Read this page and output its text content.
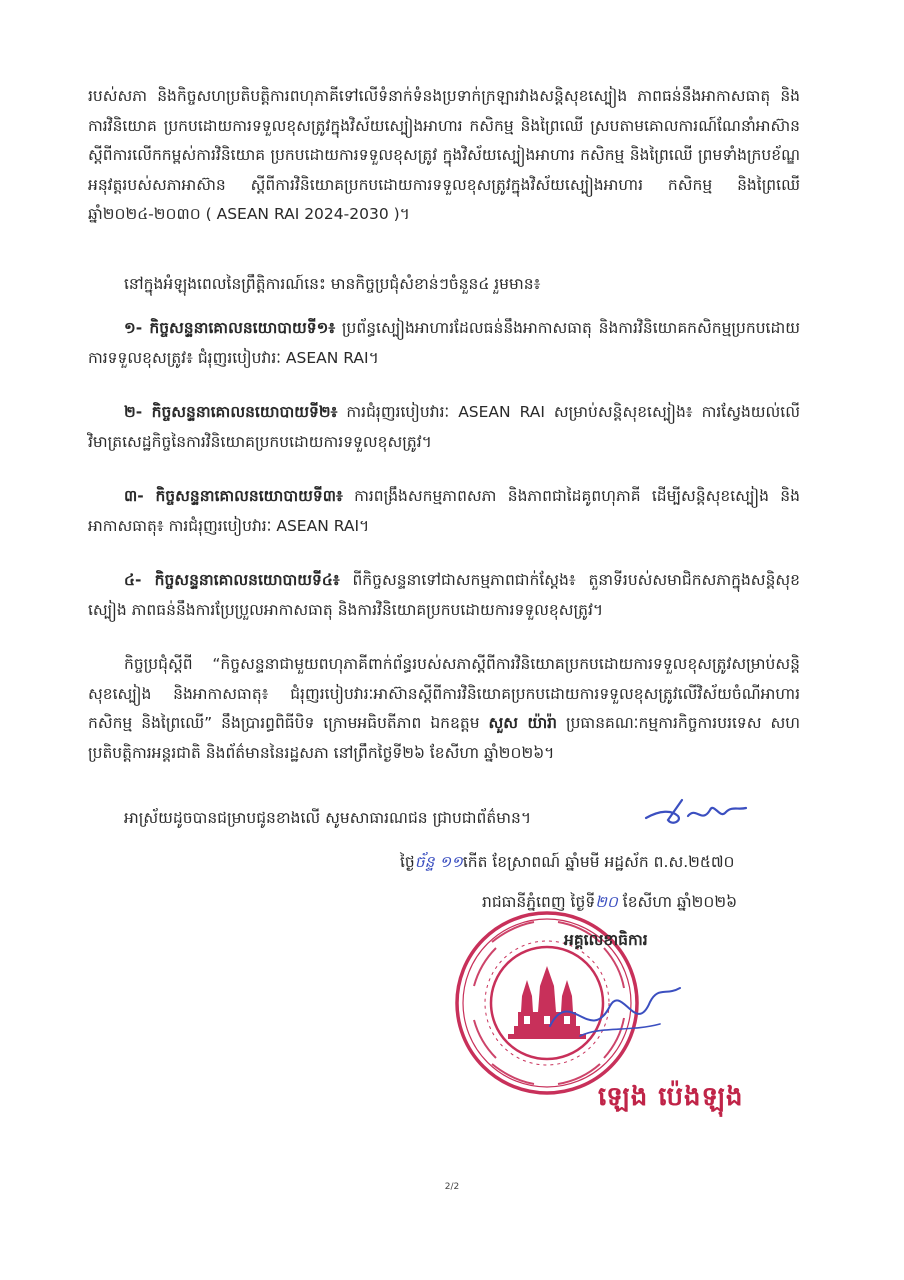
របស់សភា និងកិច្ចសហប្រតិបត្តិការពហុភាគីទៅលើទំនាក់ទំនងប្រទាក់ក្រឡារវាងសន្តិសុខស្បៀង ភាពធន់នឹងអាកាសធាតុ និងការវិនិយោគ ប្រកបដោយការទទួលខុសត្រូវក្នុងវិស័យស្បៀងអាហារ កសិកម្ម និងព្រៃឈើ ស្របតាមគោលការណ៍ណែនាំអាស៊ាន ស្តីពីការលើកកម្ពស់ការវិនិយោគ ប្រកបដោយការទទួលខុសត្រូវ ក្នុងវិស័យស្បៀងអាហារ កសិកម្ម និងព្រៃឈើ ព្រមទាំងក្របខ័ណ្ឌអនុវត្តរបស់សភាអាស៊ាន ស្តីពីការវិនិយោគប្រកបដោយការទទួលខុសត្រូវក្នុងវិស័យស្បៀងអាហារ កសិកម្ម និងព្រៃឈើ ឆ្នាំ២០២៤-២០៣០ ( ASEAN RAI 2024-2030 )។

នៅក្នុងអំឡុងពេលនៃព្រឹត្តិការណ៍នេះ មានកិច្ចប្រជុំសំខាន់ៗចំនួន៤ រួមមាន៖

១- កិច្ចសន្ទនាគោលនយោបាយទី១៖ ប្រព័ន្ធស្បៀងអាហារដែលធន់នឹងអាកាសធាតុ និងការវិនិយោគកសិកម្មប្រកបដោយការទទួលខុសត្រូវ៖ ជំរុញរបៀបវារៈ ASEAN RAI។

២- កិច្ចសន្ទនាគោលនយោបាយទី២៖ ការជំរុញរបៀបវារៈ ASEAN RAI សម្រាប់សន្តិសុខស្បៀង៖ ការស្វែងយល់លើវិមាត្រសេដ្ឋកិច្ចនៃការវិនិយោគប្រកបដោយការទទួលខុសត្រូវ។

៣- កិច្ចសន្ទនាគោលនយោបាយទី៣៖ ការពង្រឹងសកម្មភាពសភា និងភាពជាដៃគូពហុភាគី ដើម្បីសន្តិសុខស្បៀង និងអាកាសធាតុ៖ ការជំរុញរបៀបវារៈ ASEAN RAI។

៤- កិច្ចសន្ទនាគោលនយោបាយទី៤៖ ពីកិច្ចសន្ទនាទៅជាសកម្មភាពជាក់ស្តែង៖ តួនាទីរបស់សមាជិកសភាក្នុងសន្តិសុខស្បៀង ភាពធន់នឹងការប្រែប្រួលអាកាសធាតុ និងការវិនិយោគប្រកបដោយការទទួលខុសត្រូវ។

កិច្ចប្រជុំស្តីពី “កិច្ចសន្ទនាជាមួយពហុភាគីពាក់ព័ន្ធរបស់សភាស្តីពីការវិនិយោគប្រកបដោយការទទួលខុសត្រូវសម្រាប់សន្តិសុខស្បៀង និងអាកាសធាតុ៖ ជំរុញរបៀបវារៈអាស៊ានស្តីពីការវិនិយោគប្រកបដោយការទទួលខុសត្រូវលើវិស័យចំណីអាហារ កសិកម្ម និងព្រៃឈើ” នឹងប្រារព្ធពិធីបិទ ក្រោមអធិបតីភាព ឯកឧត្តម សួស យ៉ារ៉ា ប្រធានគណៈកម្មការកិច្ចការបរទេស សហប្រតិបត្តិការអន្តរជាតិ និងព័ត៌មាននៃរដ្ឋសភា នៅព្រឹកថ្ងៃទី២៦ ខែសីហា ឆ្នាំ២០២៦។

អាស្រ័យដូចបានជម្រាបជូនខាងលើ សូមសាធារណជន ជ្រាបជាព័ត៌មាន។
ថ្ងៃច័ន្ទ ១១កើត ខែស្រាពណ៍ ឆ្នាំមមី អដ្ឋស័ក ព.ស.២៥៧០
រាជធានីភ្នំពេញ ថ្ងៃទី២០ ខែសីហា ឆ្នាំ២០២៦
អគ្គលេខាធិការ
ឡេង ប៉េងឡុង
2/2
